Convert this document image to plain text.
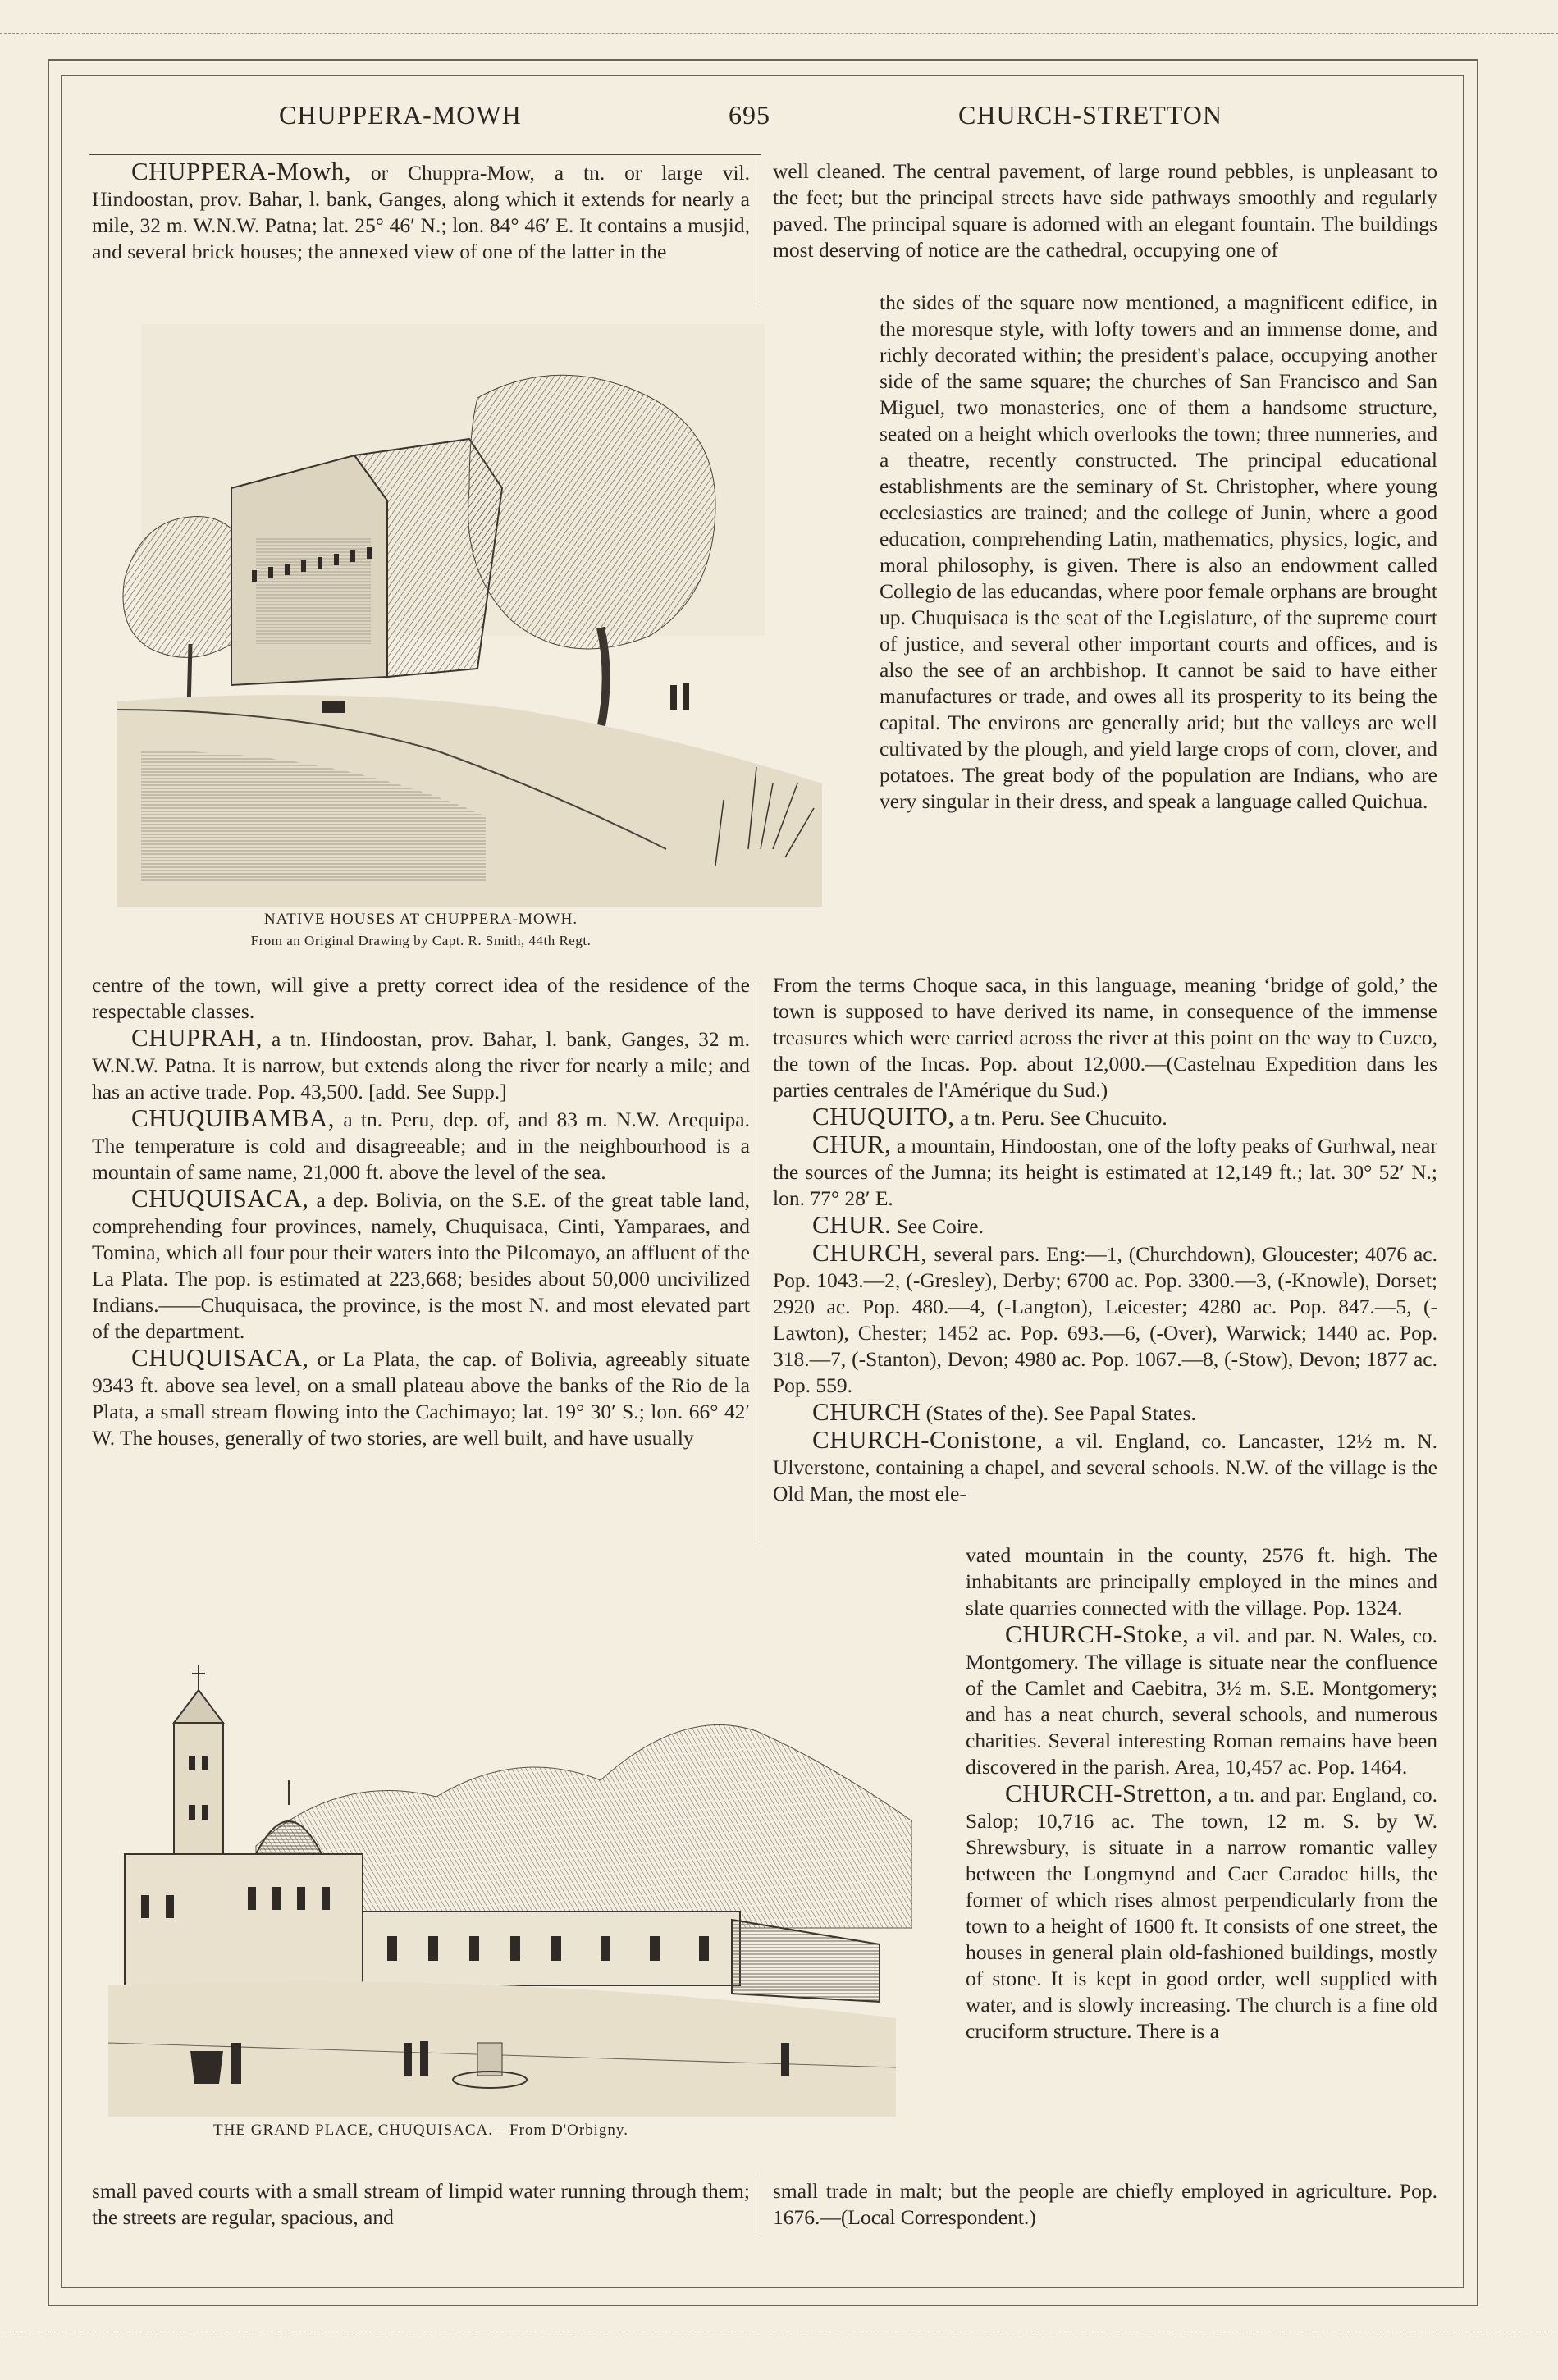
CHUPPERA-MOWH	695	CHURCH-STRETTON

CHUPPERA-Mowh, or Chuppra-Mow, a tn. or large vil. Hindoostan, prov. Bahar, l. bank, Ganges, along which it extends for nearly a mile, 32 m. W.N.W. Patna; lat. 25° 46′ N.; lon. 84° 46′ E. It contains a musjid, and several brick houses; the annexed view of one of the latter in the

NATIVE HOUSES AT CHUPPERA-MOWH.
From an Original Drawing by Capt. R. Smith, 44th Regt.

centre of the town, will give a pretty correct idea of the residence of the respectable classes.

CHUPRAH, a tn. Hindoostan, prov. Bahar, l. bank, Ganges, 32 m. W.N.W. Patna. It is narrow, but extends along the river for nearly a mile; and has an active trade. Pop. 43,500. [add. See Supp.]

CHUQUIBAMBA, a tn. Peru, dep. of, and 83 m. N.W. Arequipa. The temperature is cold and disagreeable; and in the neighbourhood is a mountain of same name, 21,000 ft. above the level of the sea.

CHUQUISACA, a dep. Bolivia, on the S.E. of the great table land, comprehending four provinces, namely, Chuquisaca, Cinti, Yamparaes, and Tomina, which all four pour their waters into the Pilcomayo, an affluent of the La Plata. The pop. is estimated at 223,668; besides about 50,000 uncivilized Indians.——Chuquisaca, the province, is the most N. and most elevated part of the department.

CHUQUISACA, or La Plata, the cap. of Bolivia, agreeably situate 9343 ft. above sea level, on a small plateau above the banks of the Rio de la Plata, a small stream flowing into the Cachimayo; lat. 19° 30′ S.; lon. 66° 42′ W. The houses, generally of two stories, are well built, and have usually

THE GRAND PLACE, CHUQUISACA.—From D'Orbigny.

small paved courts with a small stream of limpid water running through them; the streets are regular, spacious, and

well cleaned. The central pavement, of large round pebbles, is unpleasant to the feet; but the principal streets have side pathways smoothly and regularly paved. The principal square is adorned with an elegant fountain. The buildings most deserving of notice are the cathedral, occupying one of

the sides of the square now mentioned, a magnificent edifice, in the moresque style, with lofty towers and an immense dome, and richly decorated within; the president's palace, occupying another side of the same square; the churches of San Francisco and San Miguel, two monasteries, one of them a handsome structure, seated on a height which overlooks the town; three nunneries, and a theatre, recently constructed. The principal educational establishments are the seminary of St. Christopher, where young ecclesiastics are trained; and the college of Junin, where a good education, comprehending Latin, mathematics, physics, logic, and moral philosophy, is given. There is also an endowment called Collegio de las educandas, where poor female orphans are brought up. Chuquisaca is the seat of the Legislature, of the supreme court of justice, and several other important courts and offices, and is also the see of an archbishop. It cannot be said to have either manufactures or trade, and owes all its prosperity to its being the capital. The environs are generally arid; but the valleys are well cultivated by the plough, and yield large crops of corn, clover, and potatoes. The great body of the population are Indians, who are very singular in their dress, and speak a language called Quichua.

From the terms Choque saca, in this language, meaning ‘bridge of gold,’ the town is supposed to have derived its name, in consequence of the immense treasures which were carried across the river at this point on the way to Cuzco, the town of the Incas. Pop. about 12,000.—(Castelnau Expedition dans les parties centrales de l'Amérique du Sud.)

CHUQUITO, a tn. Peru. See Chucuito.

CHUR, a mountain, Hindoostan, one of the lofty peaks of Gurhwal, near the sources of the Jumna; its height is estimated at 12,149 ft.; lat. 30° 52′ N.; lon. 77° 28′ E.

CHUR. See Coire.

CHURCH, several pars. Eng:—1, (Churchdown), Gloucester; 4076 ac. Pop. 1043.—2, (-Gresley), Derby; 6700 ac. Pop. 3300.—3, (-Knowle), Dorset; 2920 ac. Pop. 480.—4, (-Langton), Leicester; 4280 ac. Pop. 847.—5, (-Lawton), Chester; 1452 ac. Pop. 693.—6, (-Over), Warwick; 1440 ac. Pop. 318.—7, (-Stanton), Devon; 4980 ac. Pop. 1067.—8, (-Stow), Devon; 1877 ac. Pop. 559.

CHURCH (States of the). See Papal States.

CHURCH-Conistone, a vil. England, co. Lancaster, 12½ m. N. Ulverstone, containing a chapel, and several schools. N.W. of the village is the Old Man, the most ele-

vated mountain in the county, 2576 ft. high. The inhabitants are principally employed in the mines and slate quarries connected with the village. Pop. 1324.

CHURCH-Stoke, a vil. and par. N. Wales, co. Montgomery. The village is situate near the confluence of the Camlet and Caebitra, 3½ m. S.E. Montgomery; and has a neat church, several schools, and numerous charities. Several interesting Roman remains have been discovered in the parish. Area, 10,457 ac. Pop. 1464.

CHURCH-Stretton, a tn. and par. England, co. Salop; 10,716 ac. The town, 12 m. S. by W. Shrewsbury, is situate in a narrow romantic valley between the Longmynd and Caer Caradoc hills, the former of which rises almost perpendicularly from the town to a height of 1600 ft. It consists of one street, the houses in general plain old-fashioned buildings, mostly of stone. It is kept in good order, well supplied with water, and is slowly increasing. The church is a fine old cruciform structure. There is a

small trade in malt; but the people are chiefly employed in agriculture. Pop. 1676.—(Local Correspondent.)
